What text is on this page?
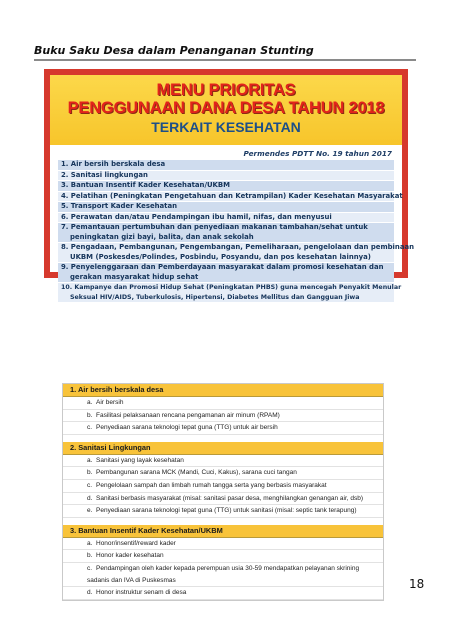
Buku Saku Desa dalam Penanganan Stunting
MENU PRIORITAS
PENGGUNAAN DANA DESA TAHUN 2018
TERKAIT KESEHATAN
Permendes PDTT No. 19 tahun 2017
1. Air bersih berskala desa
2. Sanitasi lingkungan
3. Bantuan Insentif Kader Kesehatan/UKBM
4. Pelatihan (Peningkatan Pengetahuan dan Ketrampilan) Kader Kesehatan Masyarakat
5. Transport Kader Kesehatan
6. Perawatan dan/atau Pendampingan ibu hamil, nifas, dan menyusui
7. Pemantauan pertumbuhan dan penyediaan makanan tambahan/sehat untuk
peningkatan gizi bayi, balita, dan anak sekolah
8. Pengadaan, Pembangunan, Pengembangan, Pemeliharaan, pengelolaan dan pembinaan
UKBM (Poskesdes/Polindes, Posbindu, Posyandu, dan pos kesehatan lainnya)
9. Penyelenggaraan dan Pemberdayaan masyarakat dalam promosi kesehatan dan
gerakan masyarakat hidup sehat
10. Kampanye dan Promosi Hidup Sehat (Peningkatan PHBS) guna mencegah Penyakit Menular
Seksual HIV/AIDS, Tuberkulosis, Hipertensi, Diabetes Mellitus dan Gangguan Jiwa
1. Air bersih berskala desa
a. Air bersih
b. Fasilitasi pelaksanaan rencana pengamanan air minum (RPAM)
c. Penyediaan sarana teknologi tepat guna (TTG) untuk air bersih
2. Sanitasi Lingkungan
a. Sanitasi yang layak kesehatan
b. Pembangunan sarana MCK (Mandi, Cuci, Kakus), sarana cuci tangan
c. Pengelolaan sampah dan limbah rumah tangga serta yang berbasis masyarakat
d. Sanitasi berbasis masyarakat (misal: sanitasi pasar desa, menghilangkan genangan air, dsb)
e. Penyediaan sarana teknologi tepat guna (TTG) untuk sanitasi (misal: septic tank terapung)
3. Bantuan Insentif Kader Kesehatan/UKBM
a. Honor/insentif/reward kader
b. Honor kader kesehatan
c. Pendampingan oleh kader kepada perempuan usia 30-59 mendapatkan pelayanan skrining sadanis dan IVA di Puskesmas
d. Honor instruktur senam di desa
18
